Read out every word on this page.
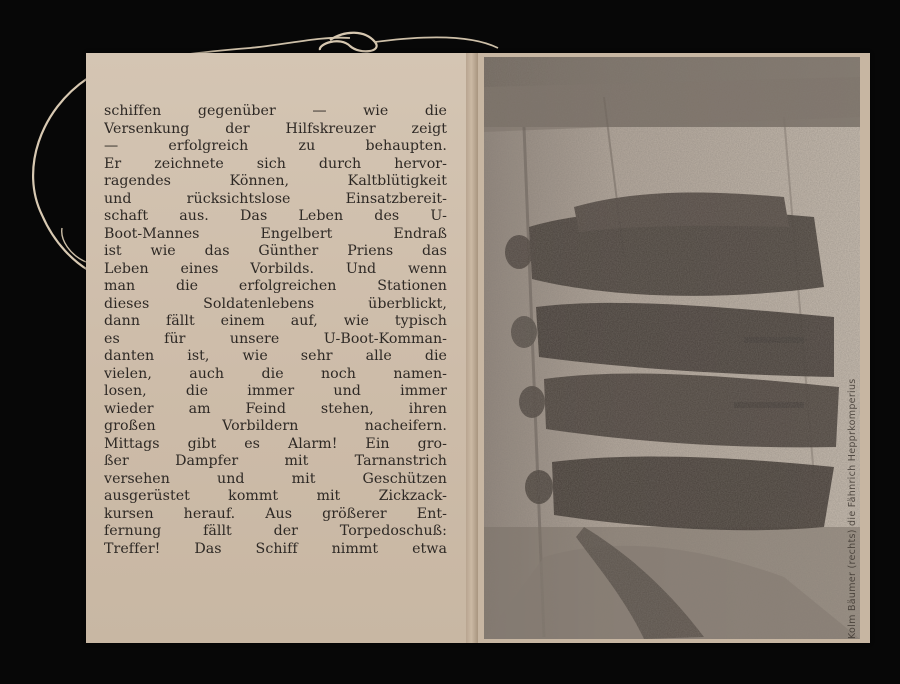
schiffen gegenüber — wie die
Versenkung der Hilfskreuzer zeigt
— erfolgreich zu behaupten.
Er zeichnete sich durch hervor-
ragendes Können, Kaltblütigkeit
und rücksichtslose Einsatzbereit-
schaft aus. Das Leben des U-
Boot-Mannes Engelbert Endraß
ist wie das Günther Priens das
Leben eines Vorbilds. Und wenn
man die erfolgreichen Stationen
dieses Soldatenlebens überblickt,
dann fällt einem auf, wie typisch
es für unsere U-Boot-Komman-
danten ist, wie sehr alle die
vielen, auch die noch namen-
losen, die immer und immer
wieder am Feind stehen, ihren
großen Vorbildern nacheifern.
Mittags gibt es Alarm! Ein gro-
ßer Dampfer mit Tarnanstrich
versehen und mit Geschützen
ausgerüstet kommt mit Zickzack-
kursen herauf. Aus größerer Ent-
fernung fällt der Torpedoschuß:
Treffer! Das Schiff nimmt etwa	Kolm Bäumer (rechts) die Fähnrich Hepprkomperius
